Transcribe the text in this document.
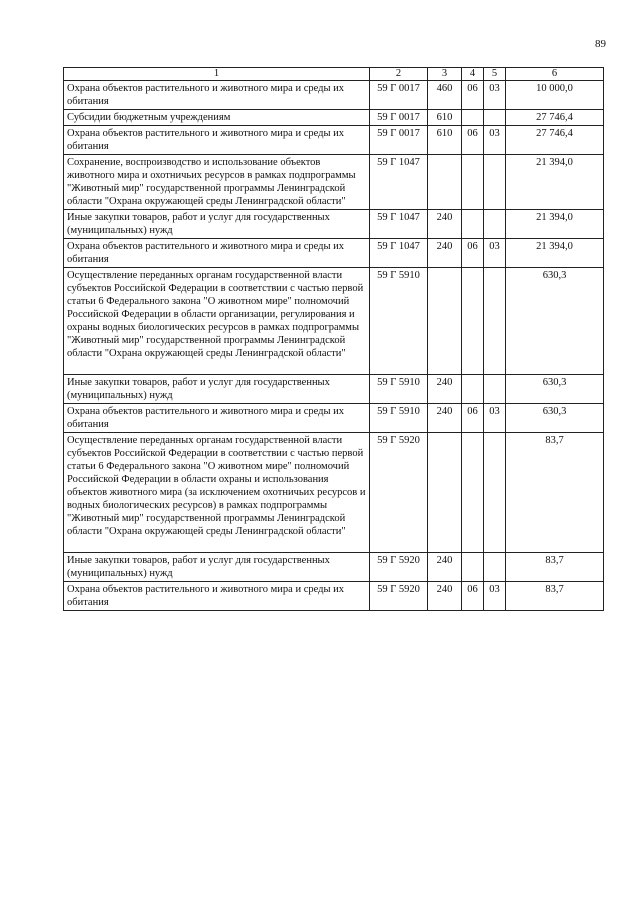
89
1	2	3	4	5	6
Охрана объектов растительного и животного мира и среды их обитания	59 Г 0017	460	06	03	10 000,0
Субсидии бюджетным учреждениям	59 Г 0017	610			27 746,4
Охрана объектов растительного и животного мира и среды их обитания	59 Г 0017	610	06	03	27 746,4
Сохранение, воспроизводство и использование объектов животного мира и охотничьих ресурсов в рамках подпрограммы "Животный мир" государственной программы Ленинградской области "Охрана окружающей среды Ленинградской области"	59 Г 1047				21 394,0
Иные закупки товаров, работ и услуг для государственных (муниципальных) нужд	59 Г 1047	240			21 394,0
Охрана объектов растительного и животного мира и среды их обитания	59 Г 1047	240	06	03	21 394,0
Осуществление переданных органам государственной власти субъектов Российской Федерации в соответствии с частью первой статьи 6 Федерального закона "О животном мире" полномочий Российской Федерации в области организации, регулирования и охраны водных биологических ресурсов в рамках подпрограммы "Животный мир" государственной программы Ленинградской области "Охрана окружающей среды Ленинградской области"	59 Г 5910				630,3
Иные закупки товаров, работ и услуг для государственных (муниципальных) нужд	59 Г 5910	240			630,3
Охрана объектов растительного и животного мира и среды их обитания	59 Г 5910	240	06	03	630,3
Осуществление переданных органам государственной власти субъектов Российской Федерации в соответствии с частью первой статьи 6 Федерального закона "О животном мире" полномочий Российской Федерации в области охраны и использования объектов животного мира (за исключением охотничьих ресурсов и водных биологических ресурсов) в рамках подпрограммы "Животный мир" государственной программы Ленинградской области "Охрана окружающей среды Ленинградской области"	59 Г 5920				83,7
Иные закупки товаров, работ и услуг для государственных (муниципальных) нужд	59 Г 5920	240			83,7
Охрана объектов растительного и животного мира и среды их обитания	59 Г 5920	240	06	03	83,7
